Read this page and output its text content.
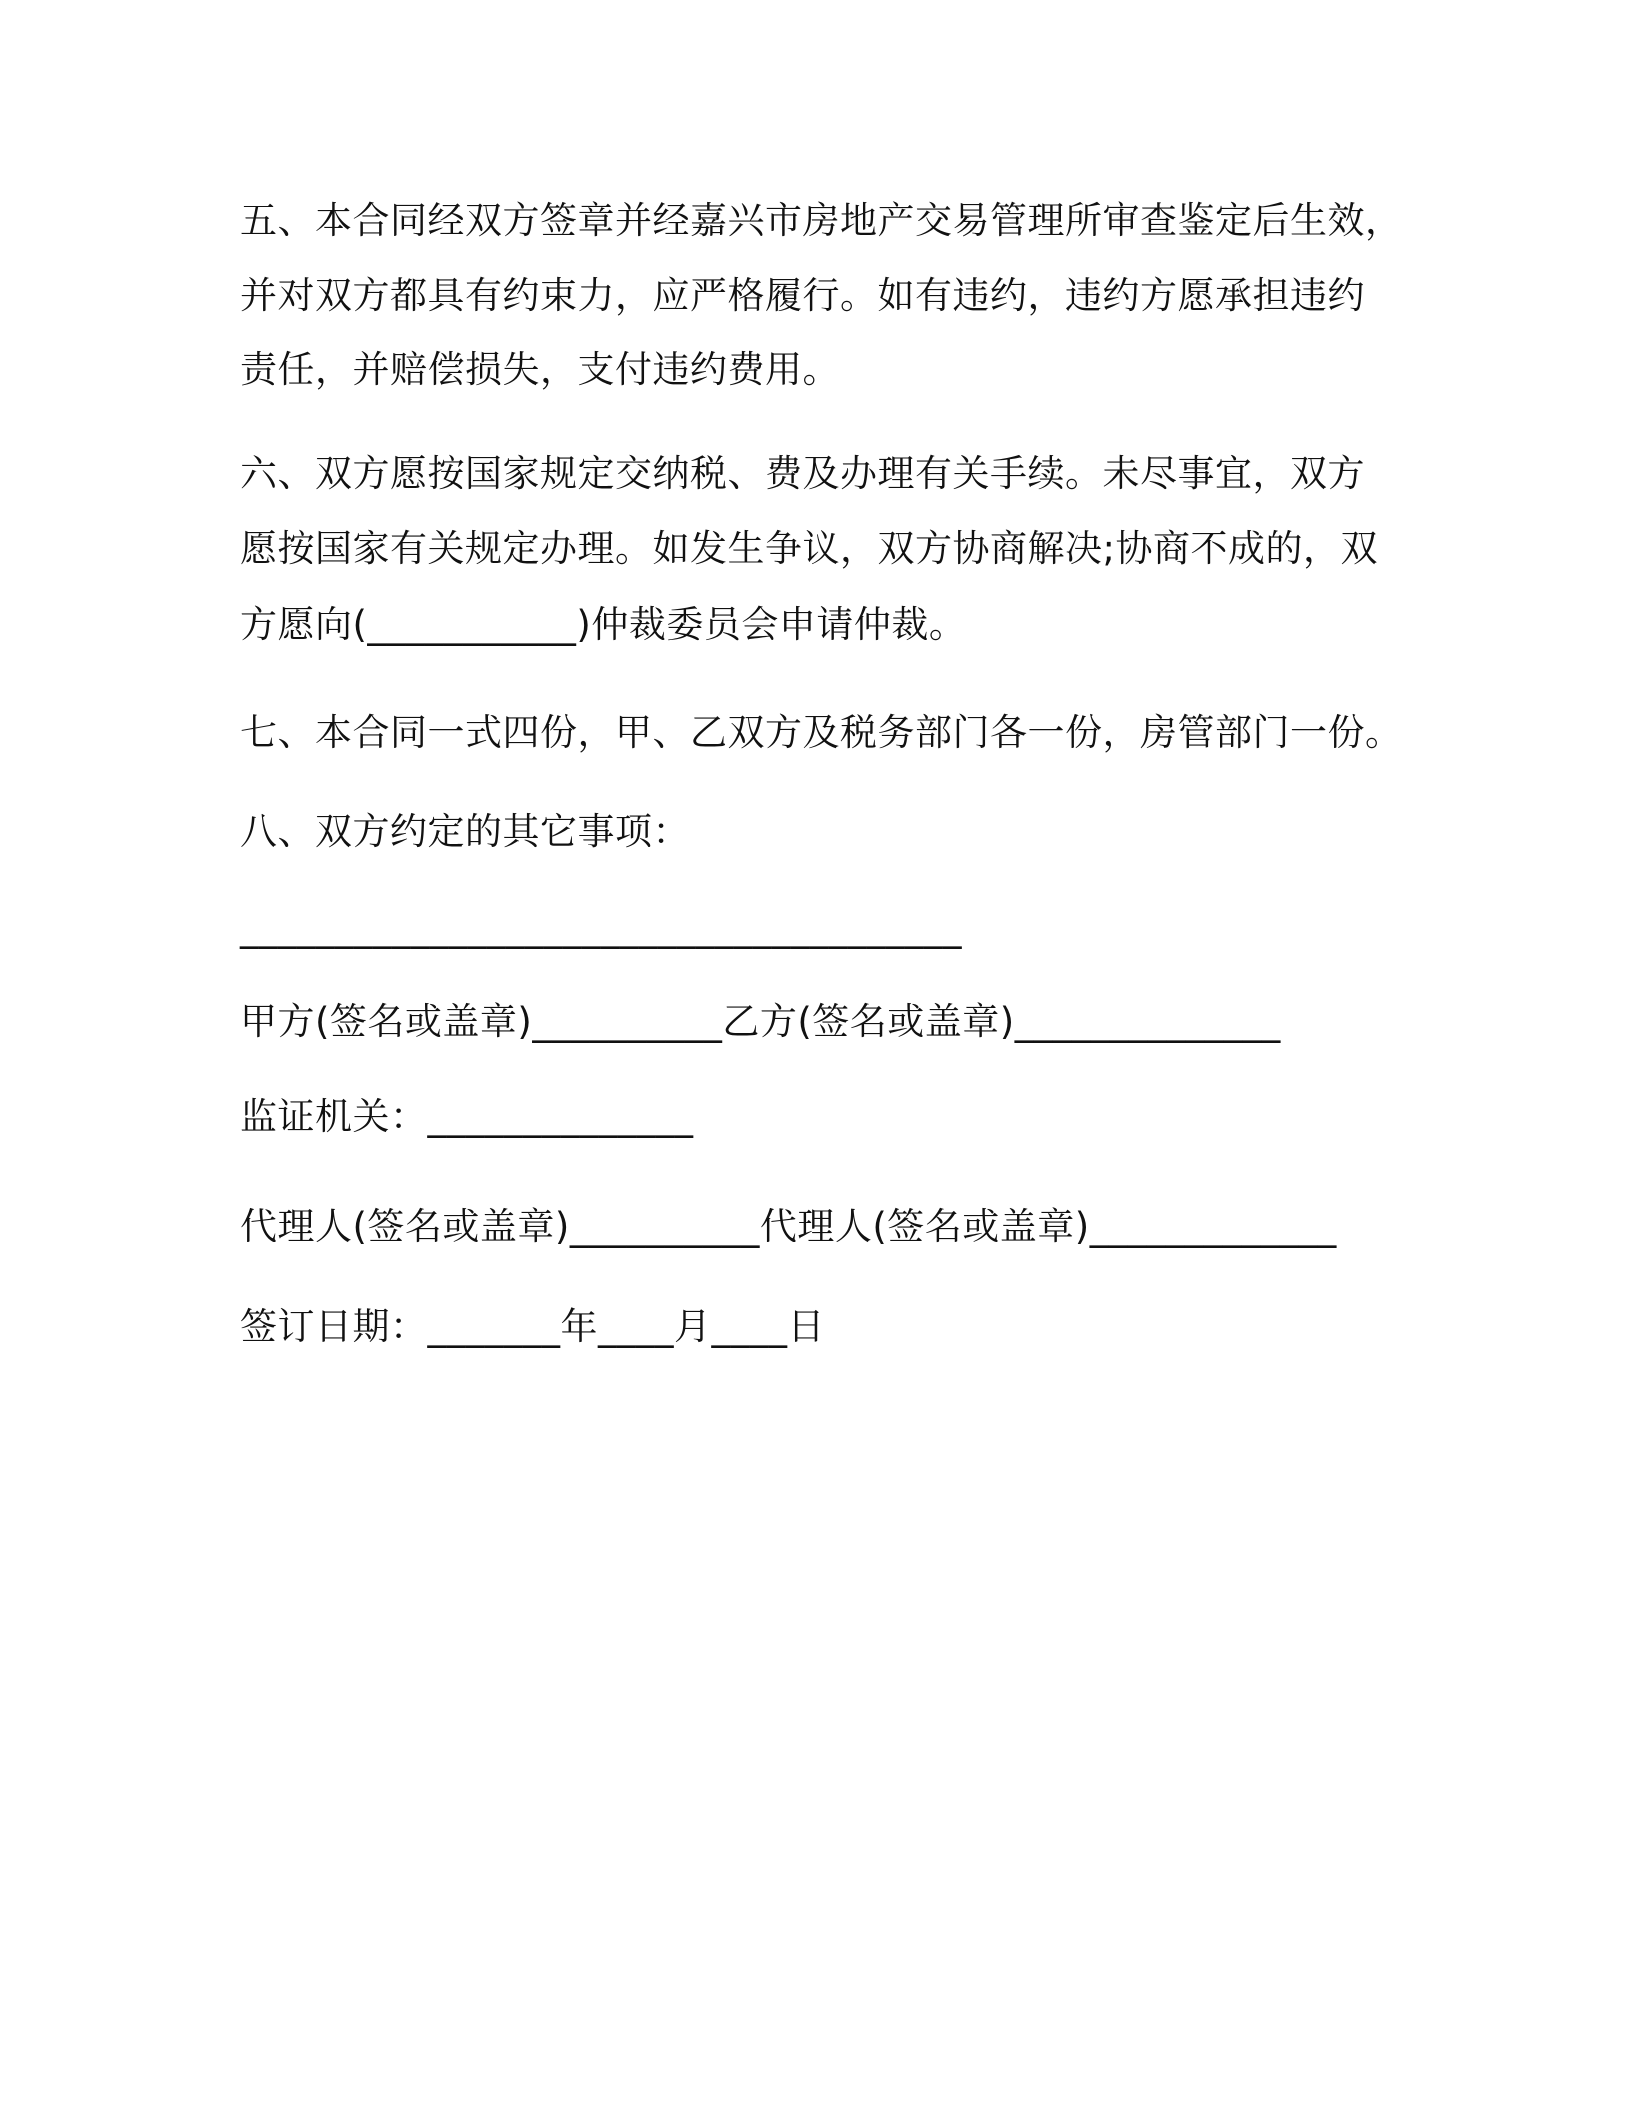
五、本合同经双方签章并经嘉兴市房地产交易管理所审查鉴定后生效，
并对双方都具有约束力，应严格履行。如有违约，违约方愿承担违约
责任，并赔偿损失，支付违约费用。
六、双方愿按国家规定交纳税、费及办理有关手续。未尽事宜，双方
愿按国家有关规定办理。如发生争议，双方协商解决;协商不成的，双
方愿向(___________)仲裁委员会申请仲裁。
七、本合同一式四份，甲、乙双方及税务部门各一份，房管部门一份。
八、双方约定的其它事项：
______________________________________
甲方(签名或盖章)__________乙方(签名或盖章)______________
监证机关：______________
代理人(签名或盖章)__________代理人(签名或盖章)_____________
签订日期：_______年____月____日
